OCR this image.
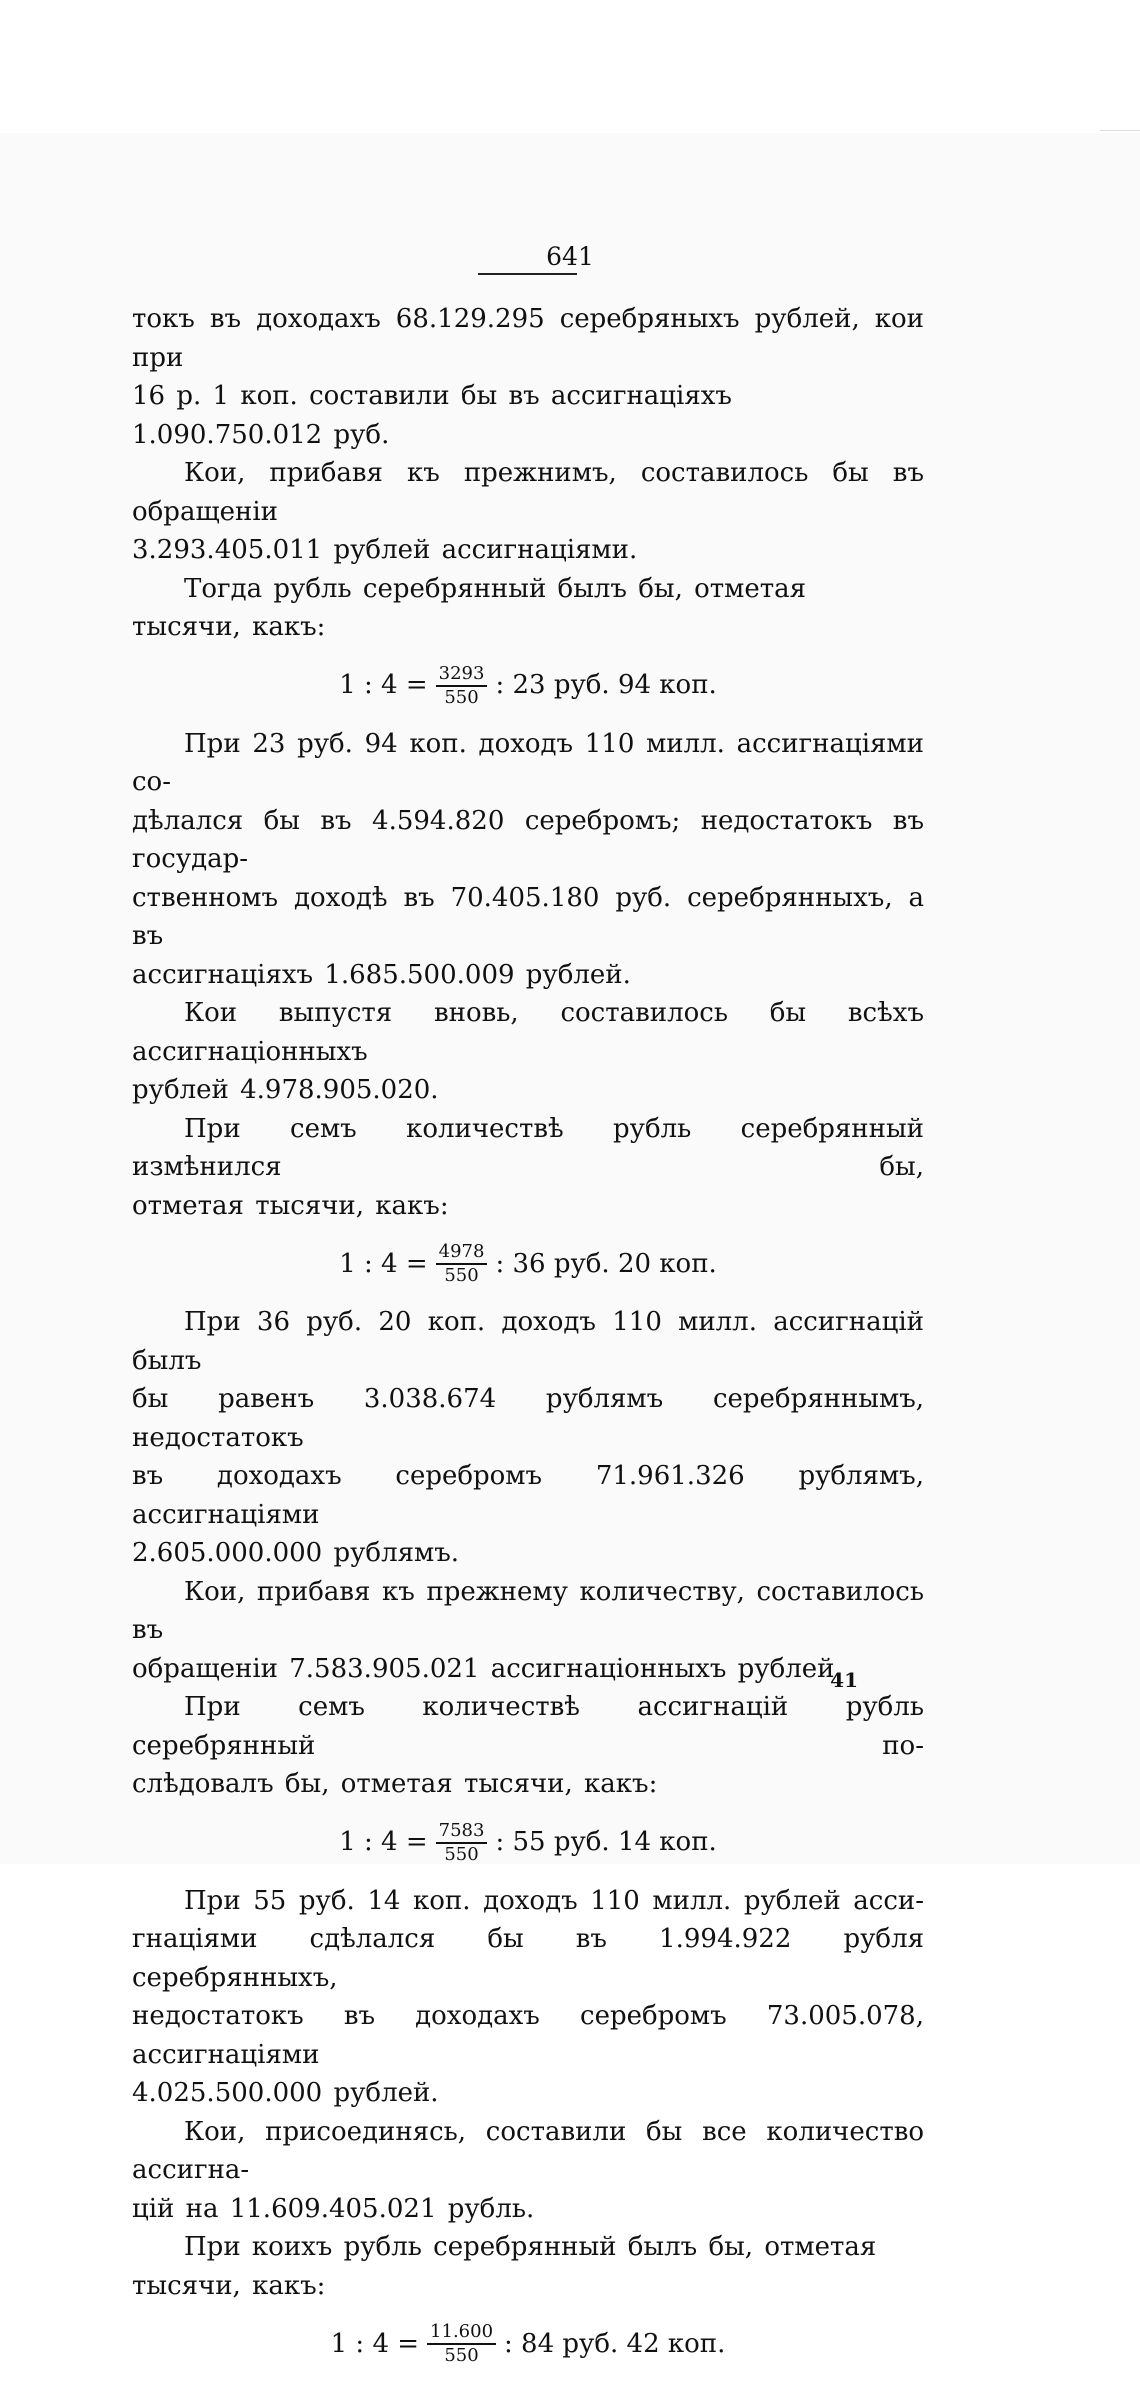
641

токъ въ доходахъ 68.129.295 серебряныхъ рублей, кои при
16 р. 1 коп. составили бы въ ассигнацiяхъ 1.090.750.012 руб.

Кои, прибавя къ прежнимъ, составилось бы въ обращенiи

3.293.405.011 рублей ассигнацiями.

Тогда рубль серебрянный былъ бы, отметая тысячи, какъ:

1 : $4 = \frac{3293}{550}$ : 23 руб. 94 коп.

При 23 руб. 94 коп. доходъ 110 милл. ассигнацiями со-

дѣлался бы въ 4.594.820 серебромъ; недостатокъ въ государ-
ственномъ доходѣ въ 70.405.180 руб. серебрянныхъ, а въ
ассигнацiяхъ 1.685.500.009 рублей.

Кои выпустя вновь, составилось бы всѣхъ ассигнацiонныхъ

рублей 4.978.905.020.

При семъ количествѣ рубль серебрянный измѣнился бы,

отметая тысячи, какъ:

1 : $4 = \frac{4978}{550}$ : 36 руб. 20 коп.

При 36 руб. 20 коп. доходъ 110 милл. ассигнацiй былъ

бы равенъ 3.038.674 рублямъ серебряннымъ, недостатокъ
въ доходахъ серебромъ 71.961.326 рублямъ, ассигнацiями
2.605.000.000 рублямъ.

Кои, прибавя къ прежнему количеству, составилось въ

обращенiи 7.583.905.021 ассигнацiонныхъ рублей.

При семъ количествѣ ассигнацiй рубль серебрянный по-

слѣдовалъ бы, отметая тысячи, какъ:

1 : $4 = \frac{7583}{550}$ : 55 руб. 14 коп.

При 55 руб. 14 коп. доходъ 110 милл. рублей асси-

гнацiями сдѣлался бы въ 1.994.922 рубля серебрянныхъ,
недостатокъ въ доходахъ серебромъ 73.005.078, ассигнацiями
4.025.500.000 рублей.

Кои, присоединясь, составили бы все количество ассигна-

цiй на 11.609.405.021 рубль.

При коихъ рубль серебрянный былъ бы, отметая тысячи, какъ:

1 : $4 = \frac{11.600}{550}$ : 84 руб. 42 коп.
41
